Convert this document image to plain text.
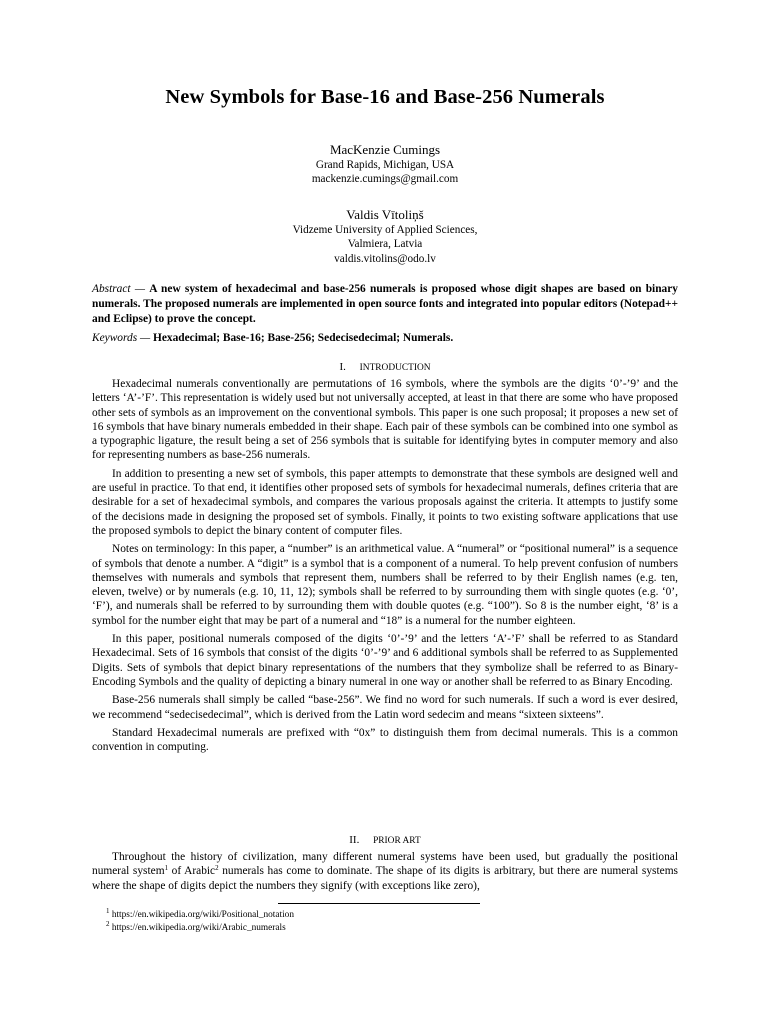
New Symbols for Base-16 and Base-256 Numerals
MacKenzie Cumings
Grand Rapids, Michigan, USA
mackenzie.cumings@gmail.com
Valdis Vītoliņš
Vidzeme University of Applied Sciences,
Valmiera, Latvia
valdis.vitolins@odo.lv
Abstract — A new system of hexadecimal and base-256 numerals is proposed whose digit shapes are based on binary numerals. The proposed numerals are implemented in open source fonts and integrated into popular editors (Notepad++ and Eclipse) to prove the concept.
Keywords — Hexadecimal; Base-16; Base-256; Sedecisedecimal; Numerals.
I. INTRODUCTION

Hexadecimal numerals conventionally are permutations of 16 symbols, where the symbols are the digits ‘0’-’9’ and the letters ‘A’-’F’. This representation is widely used but not universally accepted, at least in that there are some who have proposed other sets of symbols as an improvement on the conventional symbols. This paper is one such proposal; it proposes a new set of 16 symbols that have binary numerals embedded in their shape. Each pair of these symbols can be combined into one symbol as a typographic ligature, the result being a set of 256 symbols that is suitable for identifying bytes in computer memory and also for representing numbers as base-256 numerals.

In addition to presenting a new set of symbols, this paper attempts to demonstrate that these symbols are designed well and are useful in practice. To that end, it identifies other proposed sets of symbols for hexadecimal numerals, defines criteria that are desirable for a set of hexadecimal symbols, and compares the various proposals against the criteria. It attempts to justify some of the decisions made in designing the proposed set of symbols. Finally, it points to two existing software applications that use the proposed symbols to depict the binary content of computer files.

Notes on terminology: In this paper, a “number” is an arithmetical value. A “numeral” or “positional numeral” is a sequence of symbols that denote a number. A “digit” is a symbol that is a component of a numeral. To help prevent confusion of numbers themselves with numerals and symbols that represent them, numbers shall be referred to by their English names (e.g. ten, eleven, twelve) or by numerals (e.g. 10, 11, 12); symbols shall be referred to by surrounding them with single quotes (e.g. ‘0’, ‘F’), and numerals shall be referred to by surrounding them with double quotes (e.g. “100”). So 8 is the number eight, ‘8’ is a symbol for the number eight that may be part of a numeral and “18” is a numeral for the number eighteen.

In this paper, positional numerals composed of the digits ‘0’-’9’ and the letters ‘A’-’F’ shall be referred to as Standard Hexadecimal. Sets of 16 symbols that consist of the digits ‘0’-’9’ and 6 additional symbols shall be referred to as Supplemented Digits. Sets of symbols that depict binary representations of the numbers that they symbolize shall be referred to as Binary-Encoding Symbols and the quality of depicting a binary numeral in one way or another shall be referred to as Binary Encoding.

Base-256 numerals shall simply be called “base-256”. We find no word for such numerals. If such a word is ever desired, we recommend “sedecisedecimal”, which is derived from the Latin word sedecim and means “sixteen sixteens”.

Standard Hexadecimal numerals are prefixed with “0x” to distinguish them from decimal numerals. This is a common convention in computing.

II. PRIOR ART

Throughout the history of civilization, many different numeral systems have been used, but gradually the positional numeral system$^1$ of Arabic$^2$ numerals has come to dominate. The shape of its digits is arbitrary, but there are numeral systems where the shape of digits depict the numbers they signify (with exceptions like zero),

$^1$ https://en.wikipedia.org/wiki/Positional_notation
$^2$ https://en.wikipedia.org/wiki/Arabic_numerals
